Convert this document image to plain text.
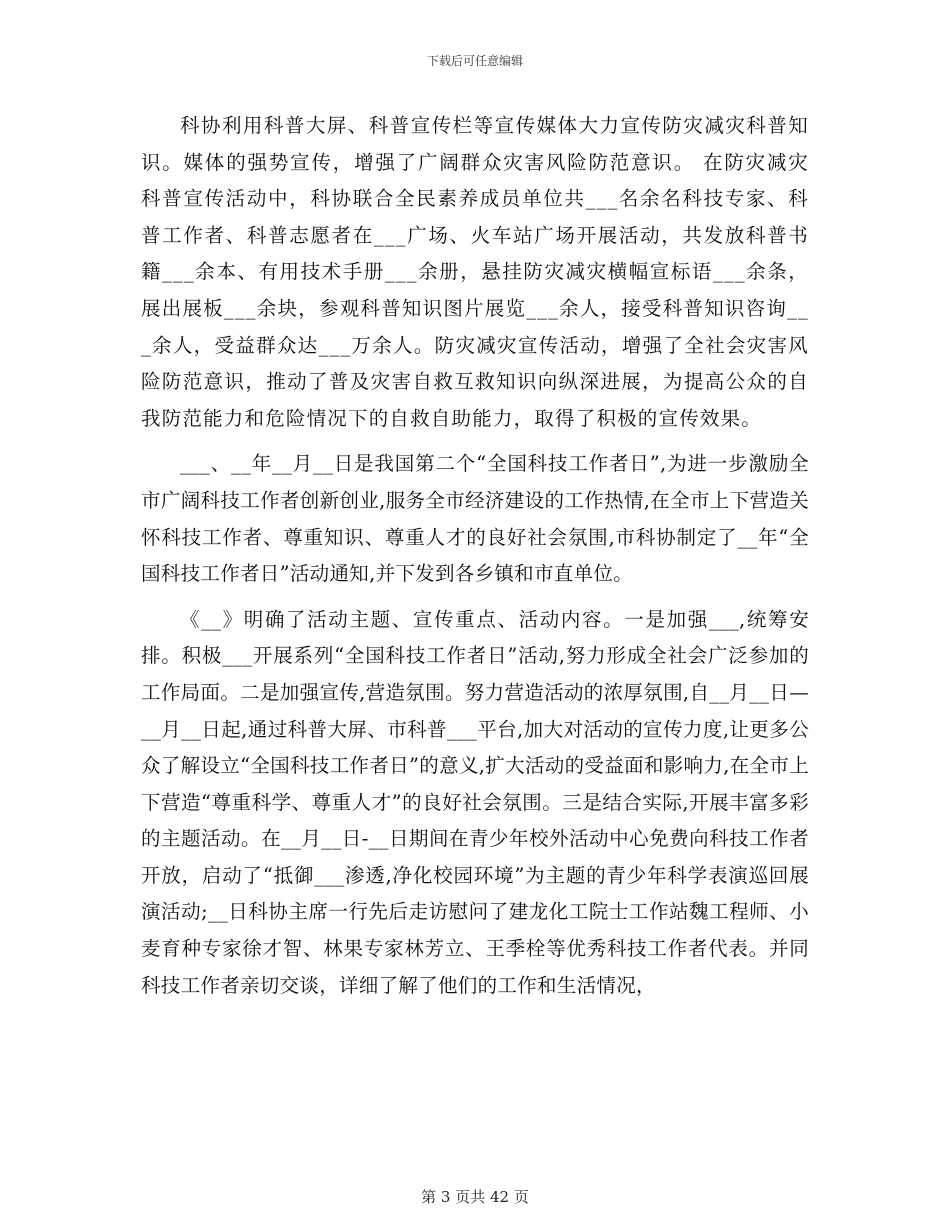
下载后可任意编辑

科协利用科普大屏、科普宣传栏等宣传媒体大力宣传防灾减灾科普知识。媒体的强势宣传，增强了广阔群众灾害风险防范意识。 在防灾减灾科普宣传活动中，科协联合全民素养成员单位共___名余名科技专家、科普工作者、科普志愿者在___广场、火车站广场开展活动，共发放科普书籍___余本、有用技术手册___余册，悬挂防灾减灾横幅宣标语___余条，展出展板___余块，参观科普知识图片展览___余人，接受科普知识咨询___余人，受益群众达___万余人。防灾减灾宣传活动，增强了全社会灾害风险防范意识，推动了普及灾害自救互救知识向纵深进展，为提高公众的自我防范能力和危险情况下的自救自助能力，取得了积极的宣传效果。

___、__年__月__日是我国第二个“全国科技工作者日”,为进一步激励全市广阔科技工作者创新创业,服务全市经济建设的工作热情,在全市上下营造关怀科技工作者、尊重知识、尊重人才的良好社会氛围,市科协制定了__年“全国科技工作者日”活动通知,并下发到各乡镇和市直单位。

《__》明确了活动主题、宣传重点、活动内容。一是加强___,统筹安排。积极___开展系列“全国科技工作者日”活动,努力形成全社会广泛参加的工作局面。二是加强宣传,营造氛围。努力营造活动的浓厚氛围,自__月__日—__月__日起,通过科普大屏、市科普___平台,加大对活动的宣传力度,让更多公众了解设立“全国科技工作者日”的意义,扩大活动的受益面和影响力,在全市上下营造“尊重科学、尊重人才”的良好社会氛围。三是结合实际,开展丰富多彩的主题活动。在__月__日-__日期间在青少年校外活动中心免费向科技工作者开放，启动了“抵御___渗透,净化校园环境”为主题的青少年科学表演巡回展演活动;__日科协主席一行先后走访慰问了建龙化工院士工作站魏工程师、小麦育种专家徐才智、林果专家林芳立、王季栓等优秀科技工作者代表。并同科技工作者亲切交谈，详细了解了他们的工作和生活情况，

第 3 页共 42 页
